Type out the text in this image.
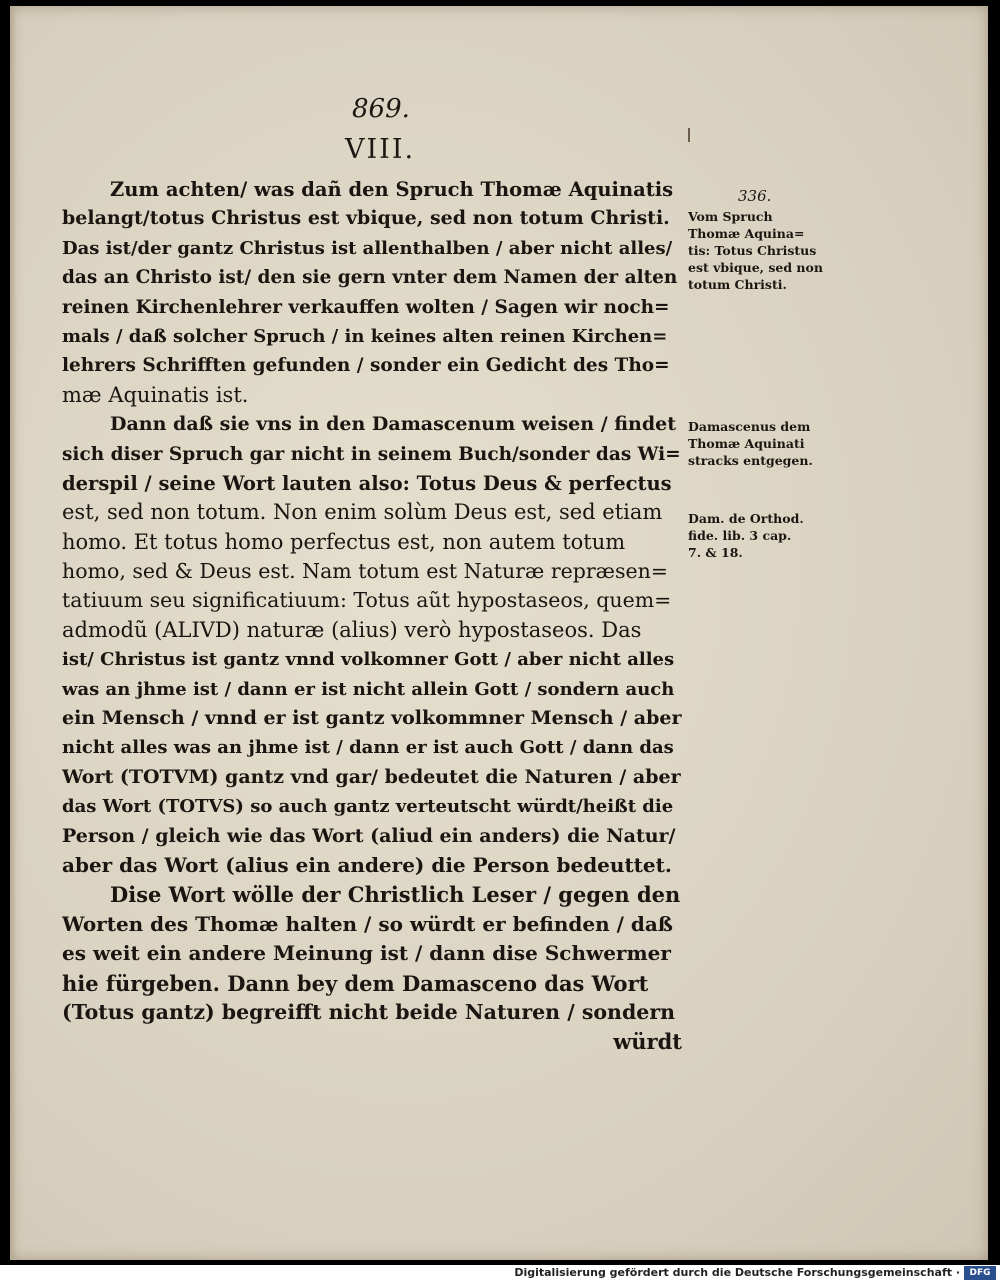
869.
VIII.
Zum achten/ was dañ den Spruch Thomæ Aquinatis
belangt/totus Christus est vbique, sed non totum Christi.
Das ist/der gantz Christus ist allenthalben / aber nicht alles/
das an Christo ist/ den sie gern vnter dem Namen der alten
reinen Kirchenlehrer verkauffen wolten / Sagen wir noch=
mals / daß solcher Spruch / in keines alten reinen Kirchen=
lehrers Schrifften gefunden / sonder ein Gedicht des Tho=
mæ Aquinatis ist.
Dann daß sie vns in den Damascenum weisen / findet
sich diser Spruch gar nicht in seinem Buch/sonder das Wi=
derspil / seine Wort lauten also: Totus Deus & perfectus
est, sed non totum. Non enim solùm Deus est, sed etiam
homo. Et totus homo perfectus est, non autem totum
homo, sed & Deus est. Nam totum est Naturæ repræsen=
tatiuum seu significatiuum: Totus aũt hypostaseos, quem=
admodũ (ALIVD) naturæ (alius) verò hypostaseos. Das
ist/ Christus ist gantz vnnd volkomner Gott / aber nicht alles
was an jhme ist / dann er ist nicht allein Gott / sondern auch
ein Mensch / vnnd er ist gantz volkommner Mensch / aber
nicht alles was an jhme ist / dann er ist auch Gott / dann das
Wort (TOTVM) gantz vnd gar/ bedeutet die Naturen / aber
das Wort (TOTVS) so auch gantz verteutscht würdt/heißt die
Person / gleich wie das Wort (aliud ein anders) die Natur/
aber das Wort (alius ein andere) die Person bedeuttet.
Dise Wort wölle der Christlich Leser / gegen den
Worten des Thomæ halten / so würdt er befinden / daß
es weit ein andere Meinung ist / dann dise Schwermer
hie fürgeben. Dann bey dem Damasceno das Wort
(Totus gantz) begreifft nicht beide Naturen / sondern
würdt
336.
Vom Spruch
Thomæ Aquina=
tis: Totus Christus
est vbique, sed non
totum Christi.
Damascenus dem
Thomæ Aquinati
stracks entgegen.
Dam. de Orthod.
fide. lib. 3 cap.
7. & 18.
Digitalisierung gefördert durch die Deutsche Forschungsgemeinschaft ·	DFG
